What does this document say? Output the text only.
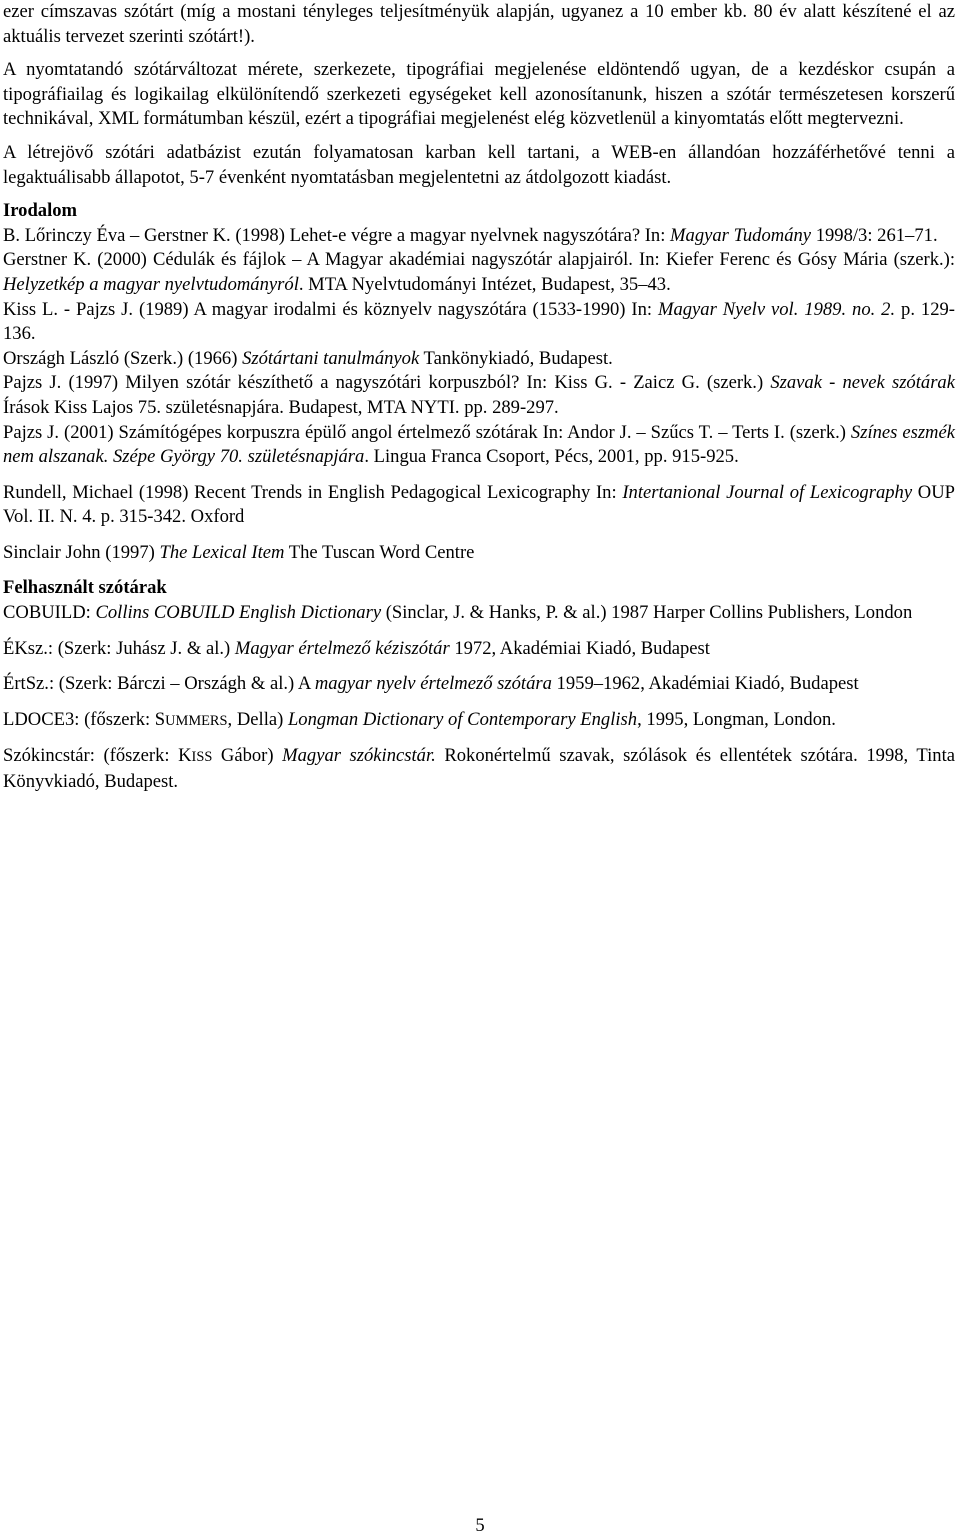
ezer címszavas szótárt (míg a mostani tényleges teljesítményük alapján, ugyanez a 10 ember kb. 80 év alatt készítené el az aktuális tervezet szerinti szótárt!).

A nyomtatandó szótárváltozat mérete, szerkezete, tipográfiai megjelenése eldöntendő ugyan, de a kezdéskor csupán a tipográfiailag és logikailag elkülönítendő szerkezeti egységeket kell azonosítanunk, hiszen a szótár természetesen korszerű technikával, XML formátumban készül, ezért a tipográfiai megjelenést elég közvetlenül a kinyomtatás előtt megtervezni.

A létrejövő szótári adatbázist ezután folyamatosan karban kell tartani, a WEB-en állandóan hozzáférhetővé tenni a legaktuálisabb állapotot, 5-7 évenként nyomtatásban megjelentetni az átdolgozott kiadást.

Irodalom

B. Lőrinczy Éva – Gerstner K. (1998) Lehet-e végre a magyar nyelvnek nagyszótára? In: Magyar Tudomány 1998/3: 261–71.

Gerstner K. (2000) Cédulák és fájlok – A Magyar akadémiai nagyszótár alapjairól. In: Kiefer Ferenc és Gósy Mária (szerk.): Helyzetkép a magyar nyelvtudományról. MTA Nyelvtudományi Intézet, Budapest, 35–43.

Kiss L. - Pajzs J. (1989) A magyar irodalmi és köznyelv nagyszótára (1533-1990) In: Magyar Nyelv vol. 1989. no. 2. p. 129-136.

Országh László (Szerk.) (1966) Szótártani tanulmányok Tankönykiadó, Budapest.

Pajzs J. (1997) Milyen szótár készíthető a nagyszótári korpuszból? In: Kiss G. - Zaicz G. (szerk.) Szavak - nevek szótárak Írások Kiss Lajos 75. születésnapjára. Budapest, MTA NYTI. pp. 289-297.

Pajzs J. (2001) Számítógépes korpuszra épülő angol értelmező szótárak In: Andor J. – Szűcs T. – Terts I. (szerk.) Színes eszmék nem alszanak. Szépe György 70. születésnapjára. Lingua Franca Csoport, Pécs, 2001, pp. 915-925.

Rundell, Michael (1998) Recent Trends in English Pedagogical Lexicography In: Intertanional Journal of Lexicography OUP Vol. II. N. 4. p. 315-342. Oxford

Sinclair John (1997) The Lexical Item The Tuscan Word Centre

Felhasznált szótárak

COBUILD: Collins COBUILD English Dictionary (Sinclar, J. & Hanks, P. & al.) 1987 Harper Collins Publishers, London

ÉKsz.: (Szerk: Juhász J. & al.) Magyar értelmező kéziszótár 1972, Akadémiai Kiadó, Budapest

ÉrtSz.: (Szerk: Bárczi – Országh & al.) A magyar nyelv értelmező szótára 1959–1962, Akadémiai Kiadó, Budapest

LDOCE3: (főszerk: SUMMERS, Della) Longman Dictionary of Contemporary English, 1995, Longman, London.

Szókincstár: (főszerk: KISS Gábor) Magyar szókincstár. Rokonértelmű szavak, szólások és ellentétek szótára. 1998, Tinta Könyvkiadó, Budapest.

5
